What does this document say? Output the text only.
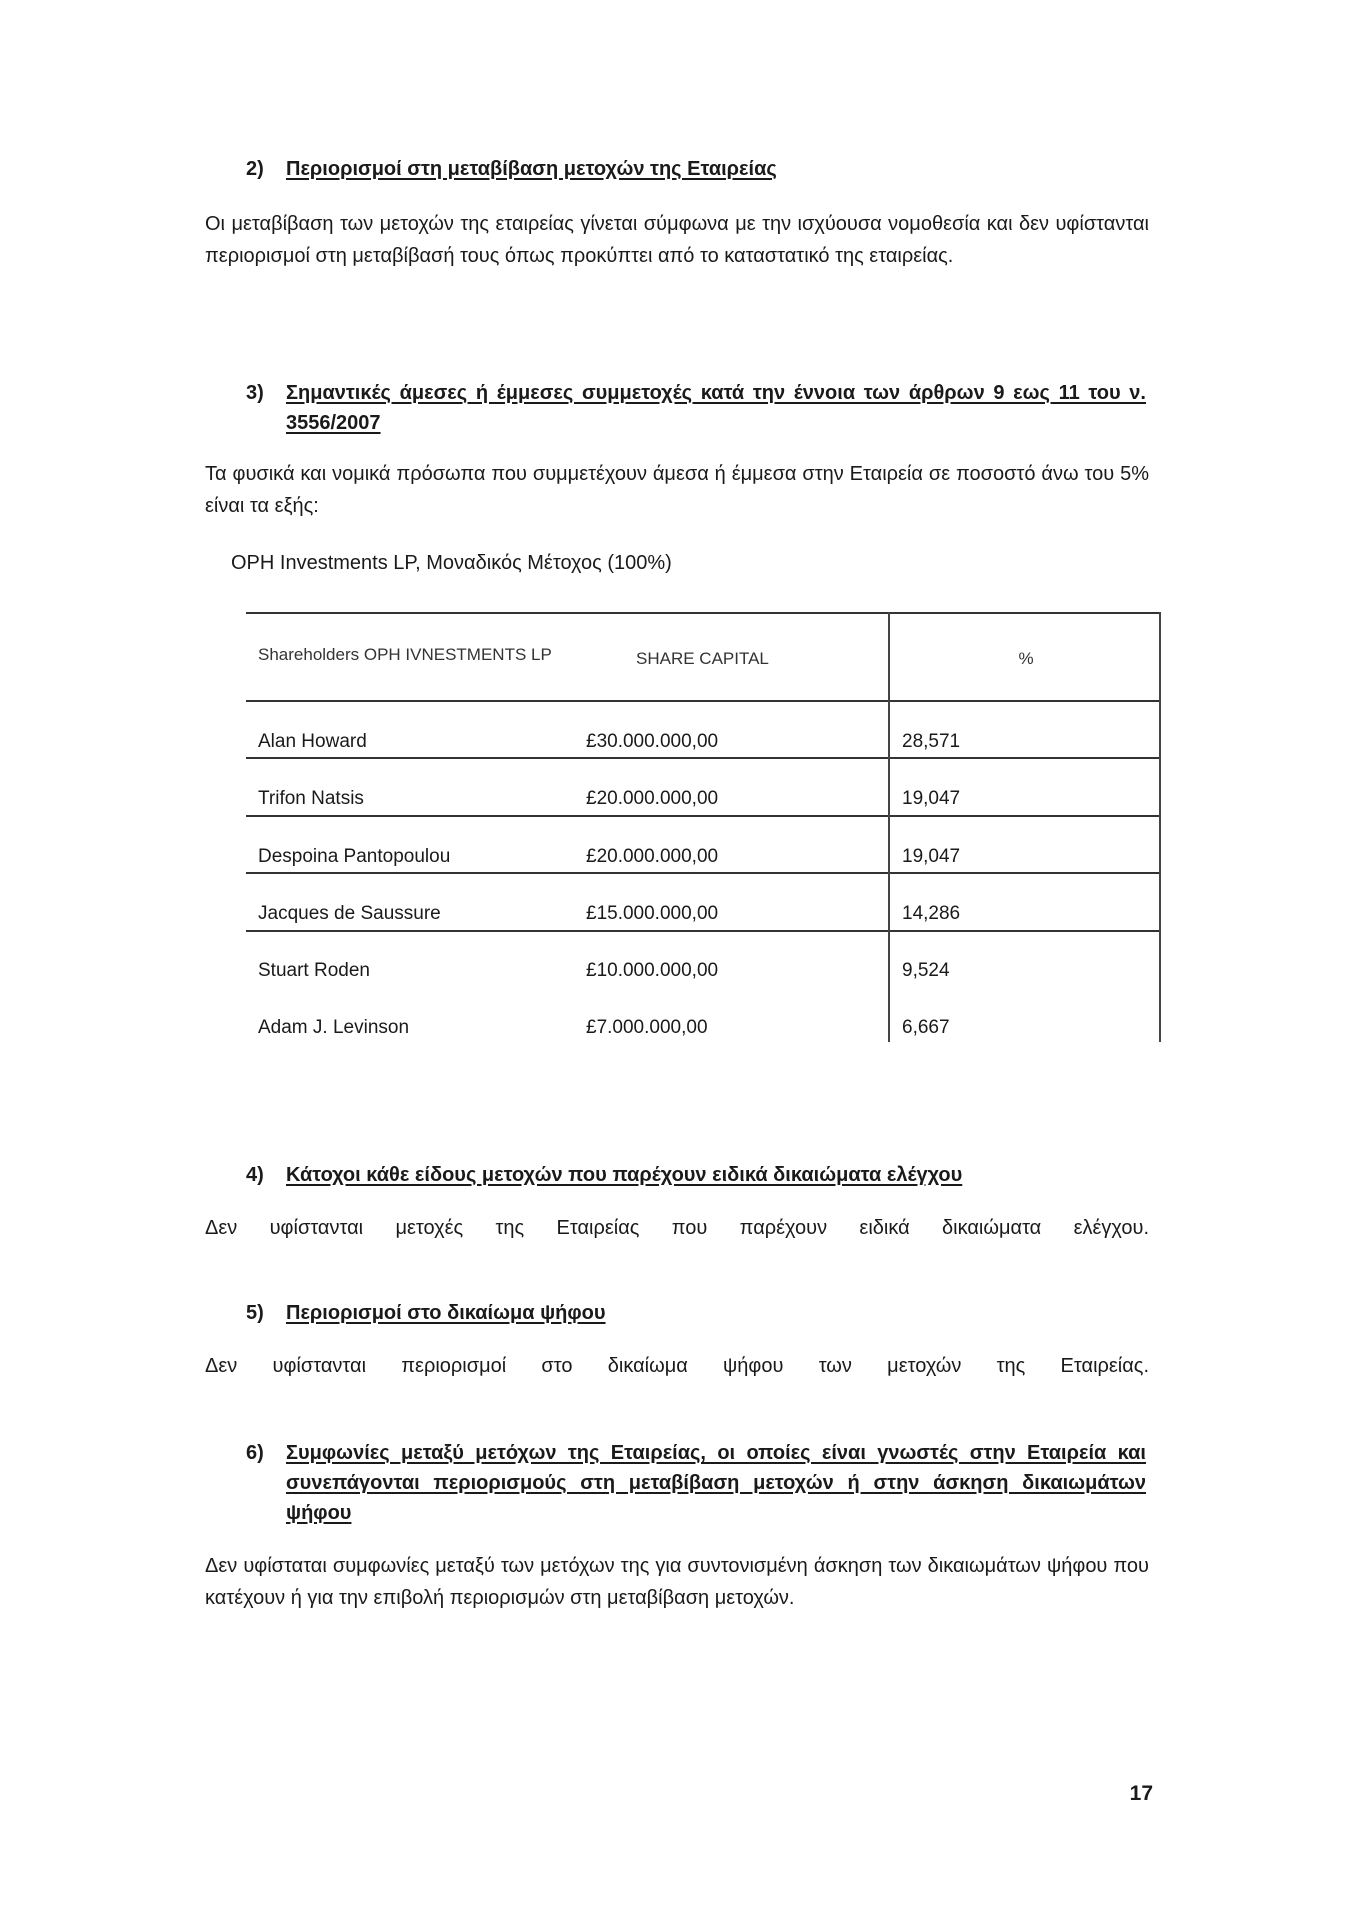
2)	Περιορισμοί στη μεταβίβαση μετοχών της Εταιρείας
Οι μεταβίβαση των μετοχών της εταιρείας γίνεται σύμφωνα με την ισχύουσα νομοθεσία και δεν υφίστανται περιορισμοί στη μεταβίβασή τους όπως προκύπτει από το καταστατικό της εταιρείας.
3)	Σημαντικές άμεσες ή έμμεσες συμμετοχές κατά την έννοια των άρθρων 9 εως 11 του ν. 3556/2007
Τα φυσικά και νομικά πρόσωπα που συμμετέχουν άμεσα ή έμμεσα στην Εταιρεία σε ποσοστό άνω του 5% είναι τα εξής:
OPH Investments LP, Μοναδικός Μέτοχος (100%)
Shareholders OPH IVNESTMENTS LP	SHARE CAPITAL	%
Alan Howard	£30.000.000,00	28,571
Trifon Natsis	£20.000.000,00	19,047
Despoina Pantopoulou	£20.000.000,00	19,047
Jacques de Saussure	£15.000.000,00	14,286
Stuart Roden	£10.000.000,00	9,524
Adam J. Levinson	£7.000.000,00	6,667
4)	Κάτοχοι κάθε είδους μετοχών που παρέχουν ειδικά δικαιώματα ελέγχου
Δεν υφίστανται μετοχές της Εταιρείας που παρέχουν ειδικά δικαιώματα ελέγχου.
5)	Περιορισμοί στο δικαίωμα ψήφου
Δεν υφίστανται περιορισμοί στο δικαίωμα ψήφου των μετοχών της Εταιρείας.
6)	Συμφωνίες μεταξύ μετόχων της Εταιρείας, οι οποίες είναι γνωστές στην Εταιρεία και συνεπάγονται περιορισμούς στη μεταβίβαση μετοχών ή στην άσκηση δικαιωμάτων ψήφου
Δεν υφίσταται συμφωνίες μεταξύ των μετόχων της για συντονισμένη άσκηση των δικαιωμάτων ψήφου που κατέχουν ή για την επιβολή περιορισμών στη μεταβίβαση μετοχών.
17
